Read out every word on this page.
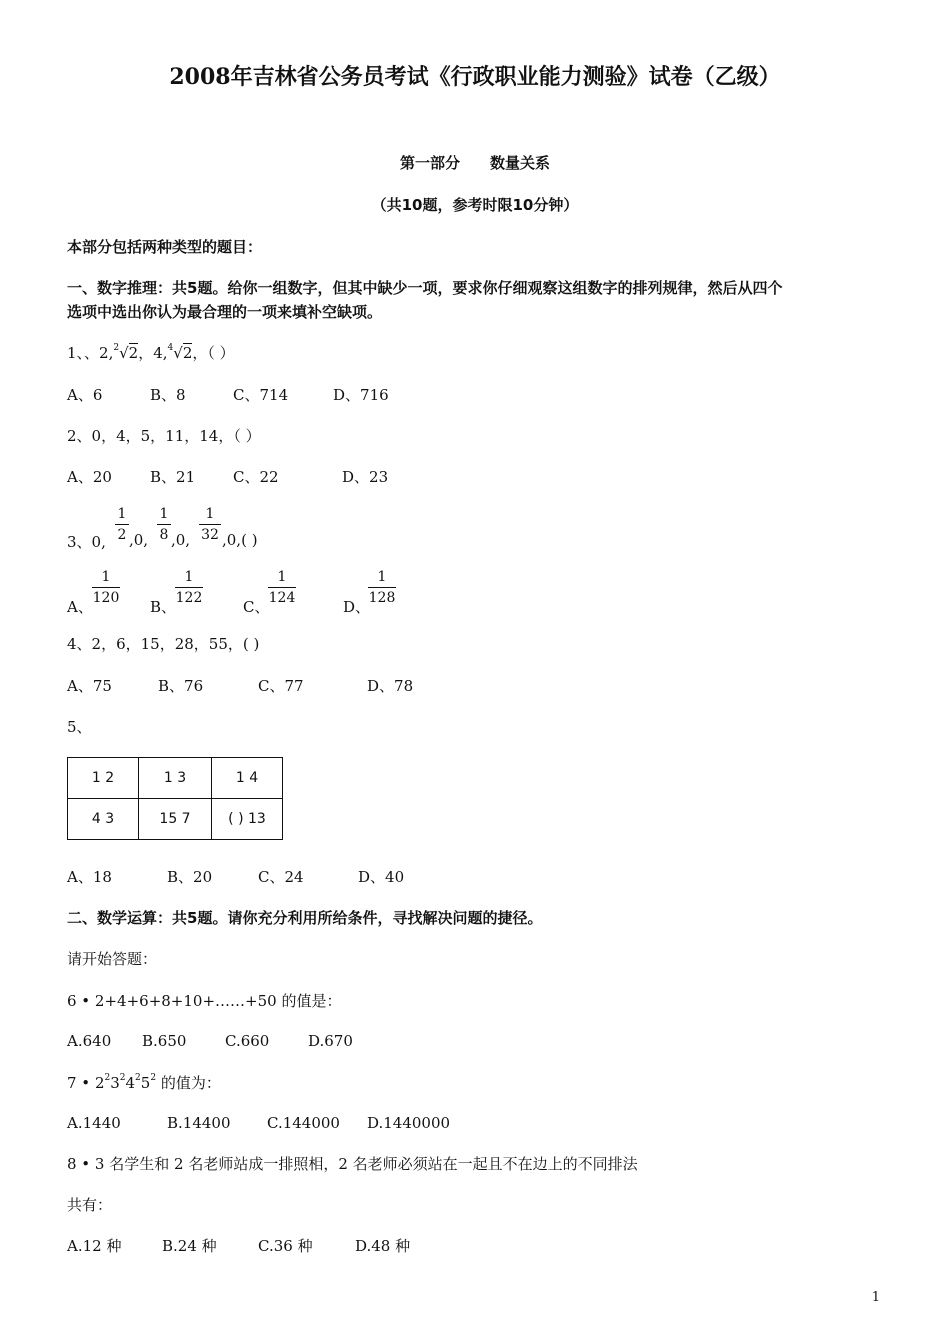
2008年吉林省公务员考试《行政职业能力测验》试卷（乙级）
第一部分　　数量关系
（共10题，参考时限10分钟）
本部分包括两种类型的题目：
一、数字推理：共5题。给你一组数字，但其中缺少一项，要求你仔细观察这组数字的排列规律，然后从四个
选项中选出你认为最合理的一项来填补空缺项。
1、、2,$^2$√2，4,$^4$√2，（ ）
A、6	B、8	C、714	D、716
2、0，4，5，11，14，（ ）
A、20	B、21	C、22	D、23
3、0,
1
2 ,0,
1
8 ,0,
1
32 ,0,( )
A、
1
120 B、
1
122	C、
1
124	D、
1
128
4、2，6，15，28，55，( )
A、75	B、76	C、77	D、78
5、
1 2	1 3	1 4
4 3	15 7	( ) 13
A、18	B、20	C、24	D、40
二、数学运算：共5题。请你充分利用所给条件，寻找解决问题的捷径。
请开始答题：
6 • 2+4+6+8+10+……+50 的值是：
A.640 B.650	C.660	D.670
7 • $2^23^24^25^2$ 的值为：
A.1440	B.14400 C.144000 D.1440000
8 • 3 名学生和 2 名老师站成一排照相，2 名老师必须站在一起且不在边上的不同排法
共有：
A.12 种	B.24 种	C.36 种	D.48 种
1
